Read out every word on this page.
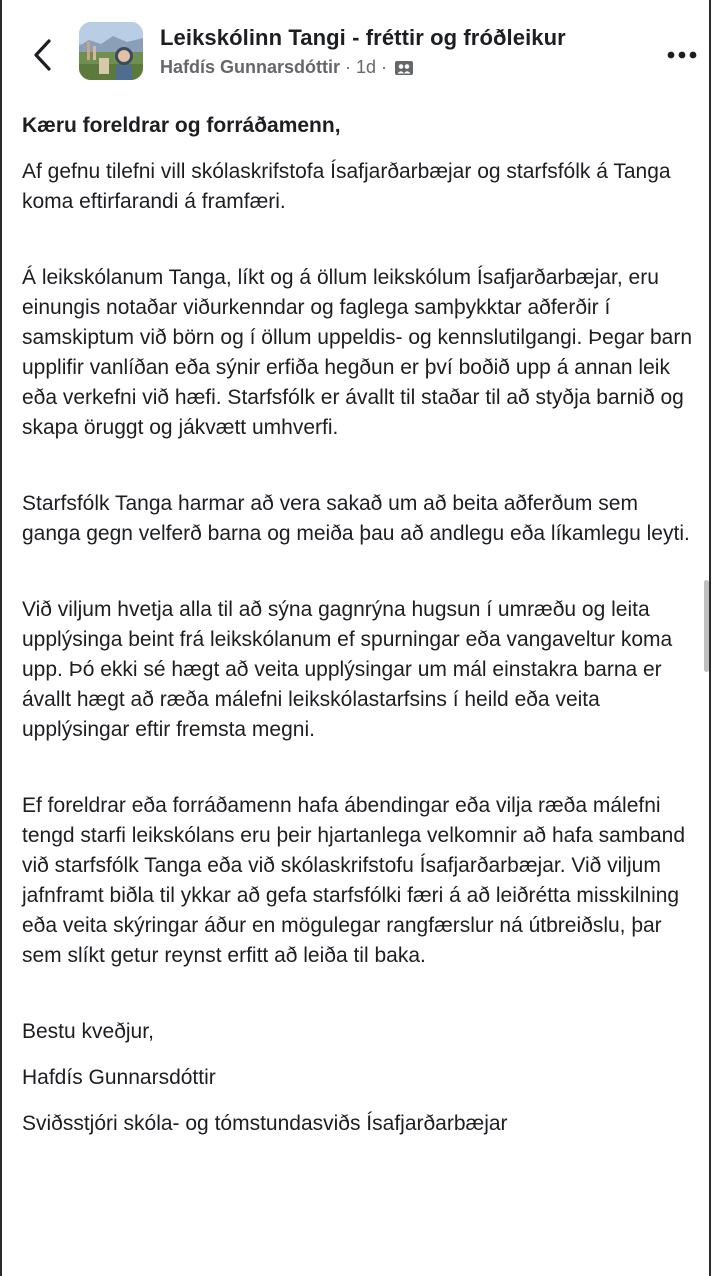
Leikskólinn Tangi - fréttir og fróðleikur
Hafdís Gunnarsdóttir · 1d ·

Kæru foreldrar og forráðamenn,

Af gefnu tilefni vill skólaskrifstofa Ísafjarðarbæjar og starfsfólk á Tanga koma eftirfarandi á framfæri.

Á leikskólanum Tanga, líkt og á öllum leikskólum Ísafjarðarbæjar, eru einungis notaðar viðurkenndar og faglega samþykktar aðferðir í samskiptum við börn og í öllum uppeldis- og kennslutilgangi. Þegar barn upplifir vanlíðan eða sýnir erfiða hegðun er því boðið upp á annan leik eða verkefni við hæfi. Starfsfólk er ávallt til staðar til að styðja barnið og skapa öruggt og jákvætt umhverfi.

Starfsfólk Tanga harmar að vera sakað um að beita aðferðum sem ganga gegn velferð barna og meiða þau að andlegu eða líkamlegu leyti.

Við viljum hvetja alla til að sýna gagnrýna hugsun í umræðu og leita upplýsinga beint frá leikskólanum ef spurningar eða vangaveltur koma upp. Þó ekki sé hægt að veita upplýsingar um mál einstakra barna er ávallt hægt að ræða málefni leikskólastarfsins í heild eða veita upplýsingar eftir fremsta megni.

Ef foreldrar eða forráðamenn hafa ábendingar eða vilja ræða málefni tengd starfi leikskólans eru þeir hjartanlega velkomnir að hafa samband við starfsfólk Tanga eða við skólaskrifstofu Ísafjarðarbæjar. Við viljum jafnframt biðla til ykkar að gefa starfsfólki færi á að leiðrétta misskilning eða veita skýringar áður en mögulegar rangfærslur ná útbreiðslu, þar sem slíkt getur reynst erfitt að leiða til baka.

Bestu kveðjur,

Hafdís Gunnarsdóttir

Sviðsstjóri skóla- og tómstundasviðs Ísafjarðarbæjar
